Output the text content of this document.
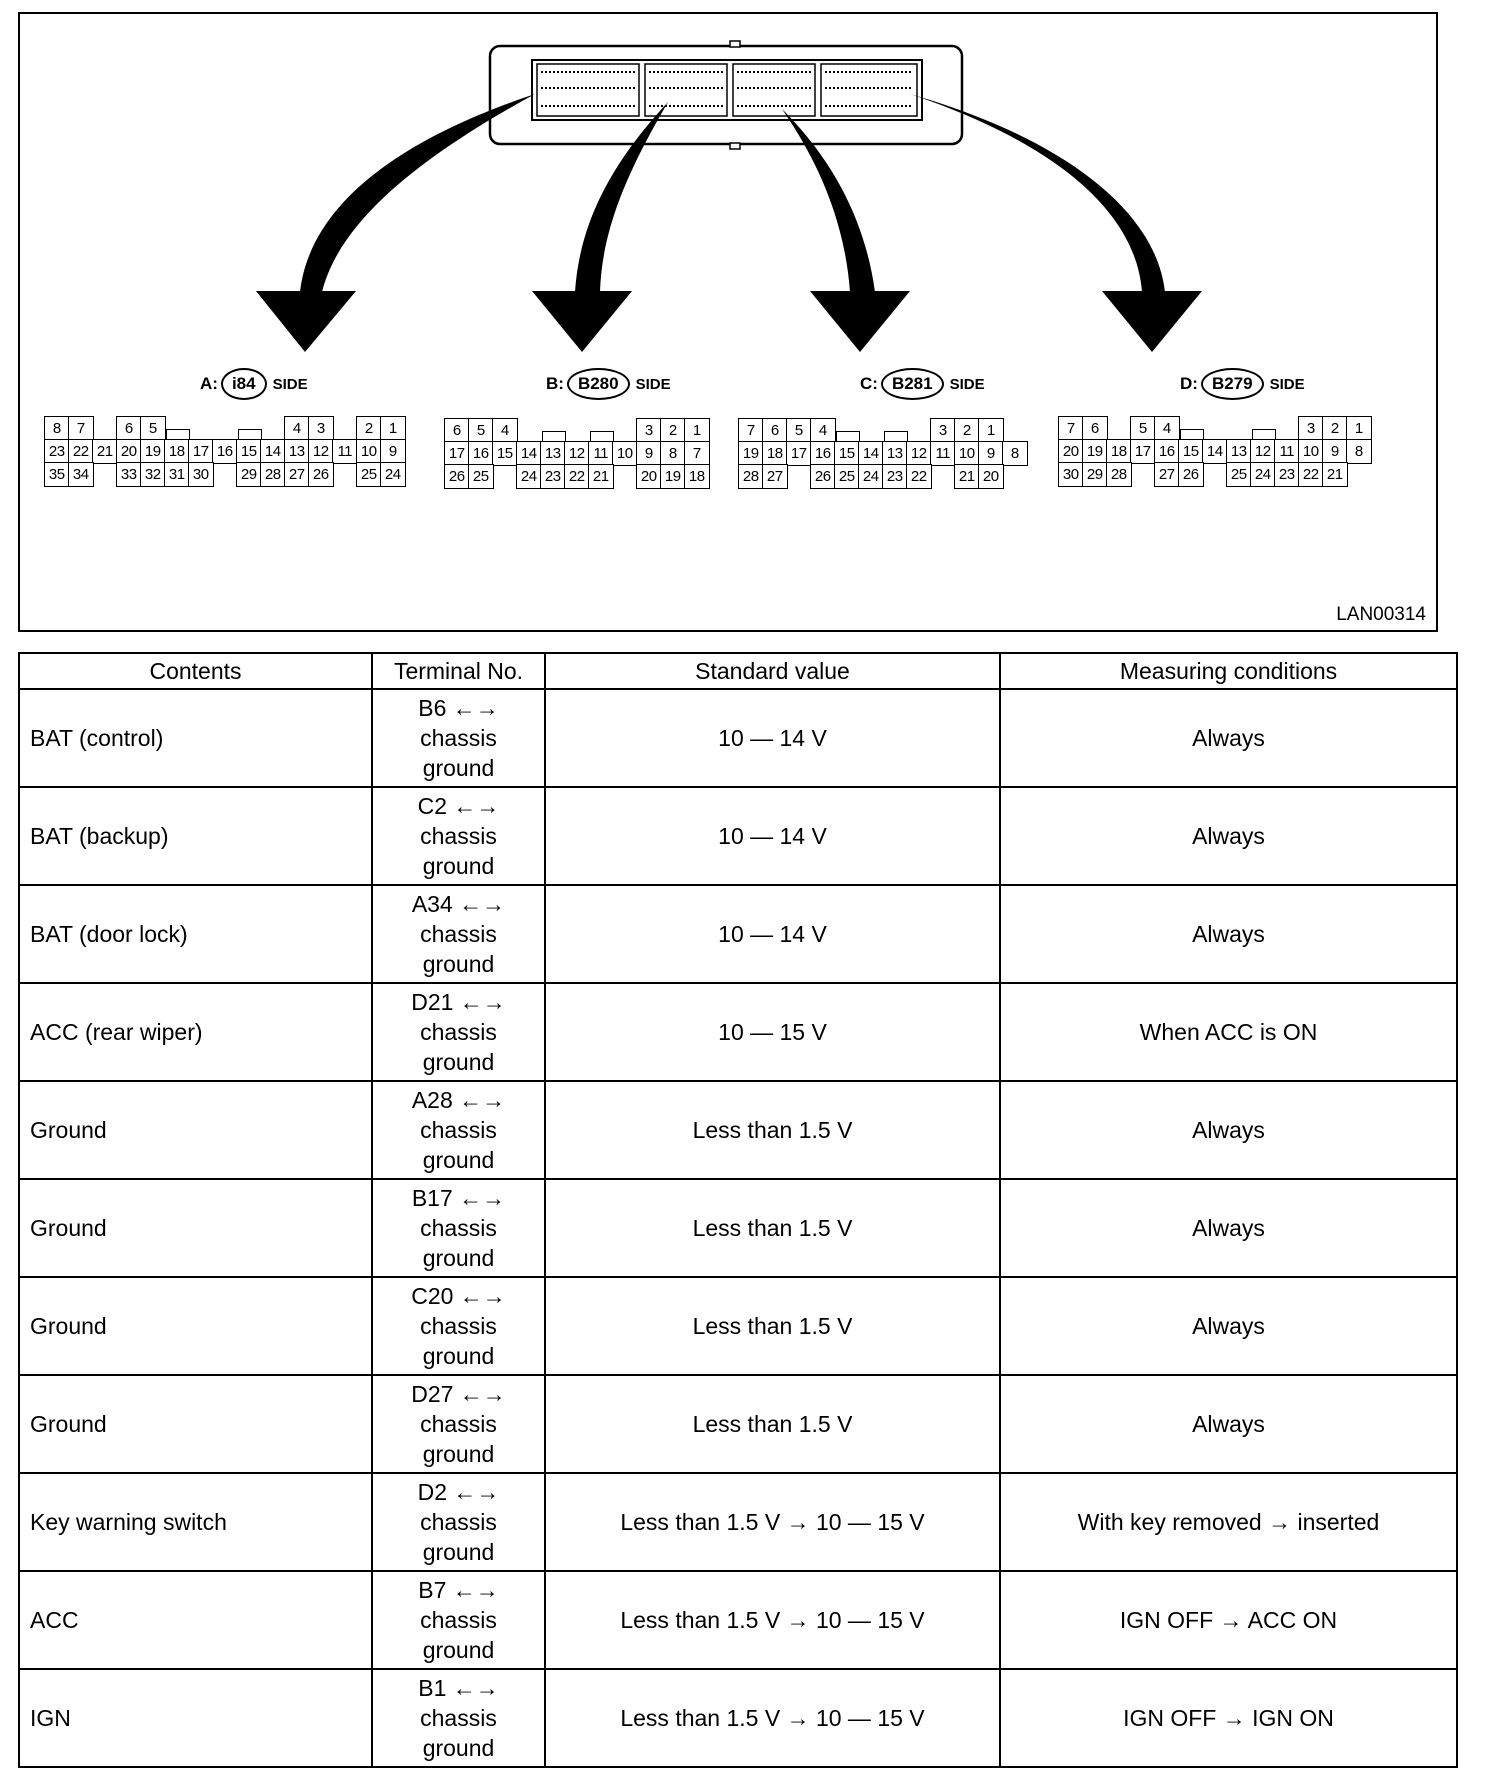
A: i84	SIDE	B: B280	SIDE	C: B281	SIDE	D: B279	SIDE
8	7	6	5	4	3	2	1
23 22 21 20 19 18 17 16 15 14 13 12 11 10 9
35 34	33 32 31 30	29 28 27 26	25 24
6	5	4	3	2	1
17 16 15 14 13 12 11 10 9	8	7
26 25	24 23 22 21	20 19 18
7	6	5	4	3	2	1
19 18 17 16 15 14 13 12 11 10 9	8
28 27	26 25 24 23 22	21 20
7	6	5	4	3	2	1
20 19 18 17 16 15 14 13 12 11 10 9	8
30 29 28	27 26	25 24 23 22 21
LAN00314
Contents	Terminal No.	Standard value	Measuring conditions
BAT (control)	B6 ←→
chassis
ground	10 — 14 V	Always
BAT (backup)	C2 ←→
chassis
ground	10 — 14 V	Always
BAT (door lock)	A34 ←→
chassis
ground	10 — 14 V	Always
ACC (rear wiper)	D21 ←→
chassis
ground	10 — 15 V	When ACC is ON
Ground	A28 ←→
chassis
ground	Less than 1.5 V	Always
Ground	B17 ←→
chassis
ground	Less than 1.5 V	Always
Ground	C20 ←→
chassis
ground	Less than 1.5 V	Always
Ground	D27 ←→
chassis
ground	Less than 1.5 V	Always
Key warning switch	D2 ←→
chassis
ground	Less than 1.5 V → 10 — 15 V	With key removed → inserted
ACC	B7 ←→
chassis
ground	Less than 1.5 V → 10 — 15 V	IGN OFF → ACC ON
IGN	B1 ←→
chassis
ground	Less than 1.5 V → 10 — 15 V	IGN OFF → IGN ON
